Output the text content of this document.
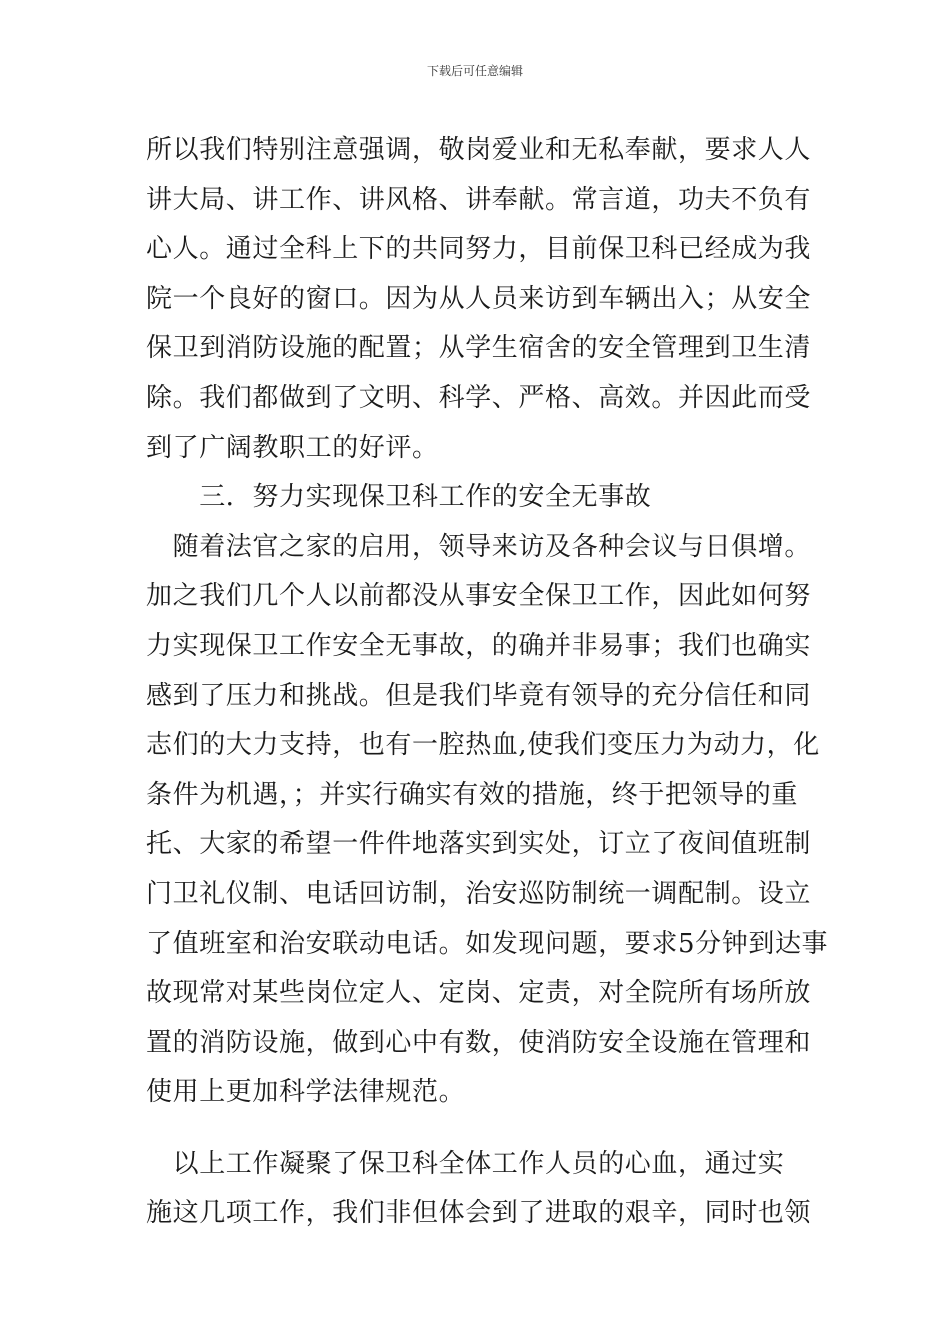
下载后可任意编辑
所以我们特别注意强调，敬岗爱业和无私奉献，要求人人
讲大局、讲工作、讲风格、讲奉献。常言道，功夫不负有
心人。通过全科上下的共同努力，目前保卫科已经成为我
院一个良好的窗口。因为从人员来访到车辆出入；从安全
保卫到消防设施的配置；从学生宿舍的安全管理到卫生清
除。我们都做到了文明、科学、严格、高效。并因此而受
到了广阔教职工的好评。
　　三．努力实现保卫科工作的安全无事故
　随着法官之家的启用，领导来访及各种会议与日俱增。
加之我们几个人以前都没从事安全保卫工作，因此如何努
力实现保卫工作安全无事故，的确并非易事；我们也确实
感到了压力和挑战。但是我们毕竟有领导的充分信任和同
志们的大力支持，也有一腔热血,使我们变压力为动力，化
条件为机遇，；并实行确实有效的措施，终于把领导的重
托、大家的希望一件件地落实到实处，订立了夜间值班制
门卫礼仪制、电话回访制，治安巡防制统一调配制。设立
了值班室和治安联动电话。如发现问题，要求5分钟到达事
故现常对某些岗位定人、定岗、定责，对全院所有场所放
置的消防设施，做到心中有数，使消防安全设施在管理和
使用上更加科学法律规范。
　以上工作凝聚了保卫科全体工作人员的心血，通过实
施这几项工作，我们非但体会到了进取的艰辛，同时也领
